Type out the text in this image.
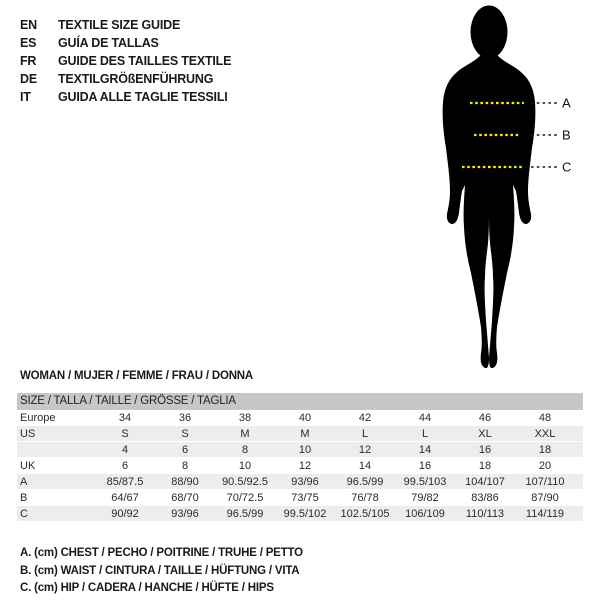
EN TEXTILE SIZE GUIDE
ES GUÍA DE TALLAS
FR GUIDE DES TAILLES TEXTILE
DE TEXTILGRÖßENFÜHRUNG
IT GUIDA ALLE TAGLIE TESSILI	A
B
C
WOMAN / MUJER / FEMME / FRAU / DONNA
SIZE / TALLA / TAILLE / GRÖSSE / TAGLIA
Europe	34	36	38	40	42	44	46	48	
US	S	S	M	M	L	L	XL	XXL	
	4	6	8	10	12	14	16	18	
UK	6	8	10	12	14	16	18	20	
A	85/87.5	88/90	90.5/92.5	93/96	96.5/99	99.5/103	104/107	107/110	
B	64/67	68/70	70/72.5	73/75	76/78	79/82	83/86	87/90	
C	90/92	93/96	96.5/99	99.5/102	102.5/105	106/109	110/113	114/119	
A. (cm) CHEST / PECHO / POITRINE / TRUHE / PETTO
B. (cm) WAIST / CINTURA / TAILLE / HÜFTUNG / VITA
C. (cm) HIP / CADERA / HANCHE / HÜFTE / HIPS
